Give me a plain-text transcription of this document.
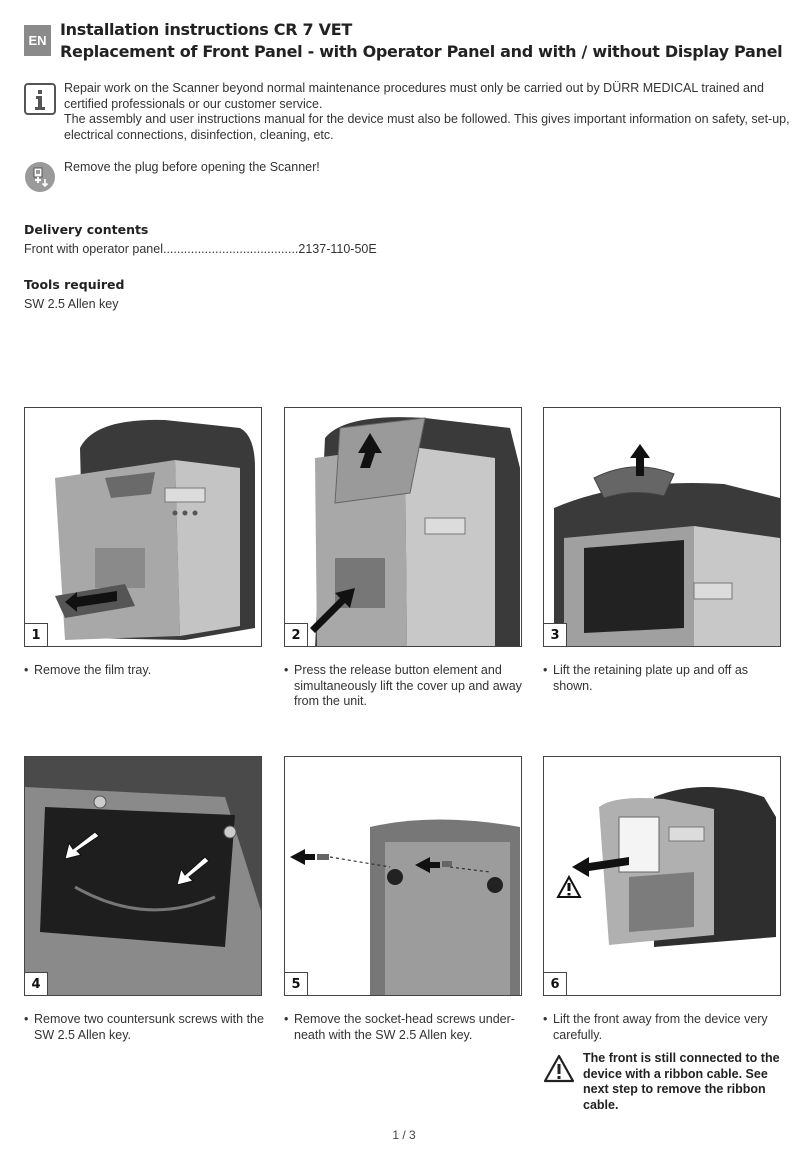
EN
Installation instructions CR 7 VET
Replacement of Front Panel - with Operator Panel and with / without Display Panel
Repair work on the Scanner beyond normal maintenance procedures must only be carried out by DÜRR MEDICAL trained and
certified professionals or our customer service.
The assembly and user instructions manual for the device must also be followed. This gives important information on safety, set-up,
electrical connections, disinfection, cleaning, etc.
Remove the plug before opening the Scanner!
Delivery contents
Front with operator panel.......................................2137-110-50E
Tools required
SW 2.5 Allen key
1	2	3
• Remove the film tray.	• Press the release button element and
simultaneously lift the cover up and away
from the unit.
• Lift the retaining plate up and off as
shown.
4	5	6
• Remove two countersunk screws with the
SW 2.5 Allen key.
• Remove the socket-head screws under-
neath with the SW 2.5 Allen key.
• Lift the front away from the device very
carefully.
The front is still connected to the
device with a ribbon cable. See
next step to remove the ribbon
cable.
1 / 3
